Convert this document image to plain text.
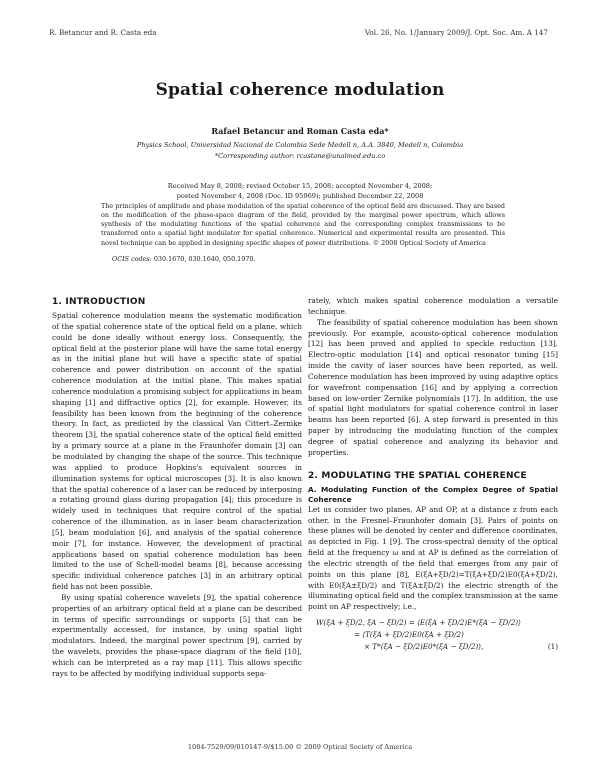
R. Betancur and R. Casta eda	Vol. 26, No. 1/January 2009/J. Opt. Soc. Am. A 147
Spatial coherence modulation
Rafael Betancur and Roman Casta eda*
Physics School, Universidad Nacional de Colombia Sede Medell n, A.A. 3840, Medell n, Colombia
*Corresponding author: rcastane@unalmed.edu.co
Received May 8, 2008; revised October 15, 2008; accepted November 4, 2008;
posted November 4, 2008 (Doc. ID 95969); published December 22, 2008
The principles of amplitude and phase modulation of the spatial coherence of the optical field are discussed. They are based on the modification of the phase-space diagram of the field, provided by the marginal power spectrum, which allows synthesis of the modulating functions of the spatial coherence and the corresponding complex transmissions to be transferred onto a spatial light modulator for spatial coherence. Numerical and experimental results are presented. This novel technique can be applied in designing specific shapes of power distributions. © 2008 Optical Society of America
OCIS codes: 030.1670, 030.1640, 050.1970.
1. INTRODUCTION

Spatial coherence modulation means the systematic modification of the spatial coherence state of the optical field on a plane, which could be done ideally without energy loss. Consequently, the optical field at the posterior plane will have the same total energy as in the initial plane but will have a specific state of spatial coherence and power distribution on account of the spatial coherence modulation at the initial plane. This makes spatial coherence modulation a promising subject for applications in beam shaping [1] and diffractive optics [2], for example. However, its feasibility has been known from the beginning of the coherence theory. In fact, as predicted by the classical Van Cittert–Zernike theorem [3], the spatial coherence state of the optical field emitted by a primary source at a plane in the Fraunhofer domain [3] can be modulated by changing the shape of the source. This technique was applied to produce Hopkins's equivalent sources in illumination systems for optical microscopes [3]. It is also known that the spatial coherence of a laser can be reduced by interposing a rotating ground glass during propagation [4]; this procedure is widely used in techniques that require control of the spatial coherence of the illumination, as in laser beam characterization [5], beam modulation [6], and analysis of the spatial coherence moir [7], for instance. However, the development of practical applications based on spatial coherence modulation has been limited to the use of Schell-model beams [8], because accessing specific individual coherence patches [3] in an arbitrary optical field has not been possible.

By using spatial coherence wavelets [9], the spatial coherence properties of an arbitrary optical field at a plane can be described in terms of specific surroundings or supports [5] that can be experimentally accessed, for instance, by using spatial light modulators. Indeed, the marginal power spectrum [9], carried by the wavelets, provides the phase-space diagram of the field [10], which can be interpreted as a ray map [11]. This allows specific rays to be affected by modifying individual supports sepa-

rately, which makes spatial coherence modulation a versatile technique.

The feasibility of spatial coherence modulation has been shown previously. For example, acousto-optical coherence modulation [12] has been proved and applied to speckle reduction [13]. Electro-optic modulation [14] and optical resonator tuning [15] inside the cavity of laser sources have been reported, as well. Coherence modulation has been improved by using adaptive optics for wavefront compensation [16] and by applying a correction based on low-order Zernike polynomials [17]. In addition, the use of spatial light modulators for spatial coherence control in laser beams has been reported [6]. A step forward is presented in this paper by introducing the modulating function of the complex degree of spatial coherence and analyzing its behavior and properties.

2. MODULATING THE SPATIAL COHERENCE
A. Modulating Function of the Complex Degree of Spatial Coherence

Let us consider two planes, AP and OP, at a distance z from each other, in the Fresnel–Fraunhofer domain [3]. Pairs of points on these planes will be denoted by center and difference coordinates, as depicted in Fig. 1 [9]. The cross-spectral density of the optical field at the frequency ω and at AP is defined as the correlation of the electric strength of the field that emerges from any pair of points on this plane [8], E(ξA+ξD/2)=T(ξA+ξD/2)E0(ξA+ξD/2), with E0(ξA±ξD/2) and T(ξA±ξD/2) the electric strength of the illuminating optical field and the complex transmission at the same point on AP respectively; i.e.,

W(ξA + ξD/2, ξA − ξD/2) = ⟨E(ξA + ξD/2)E*(ξA − ξD/2)⟩
= ⟨T(ξA + ξD/2)E0(ξA + ξD/2)
× T*(ξA − ξD/2)E0*(ξA − ξD/2)⟩,	(1)
1084-7529/09/010147-9/$15.00 © 2009 Optical Society of America
